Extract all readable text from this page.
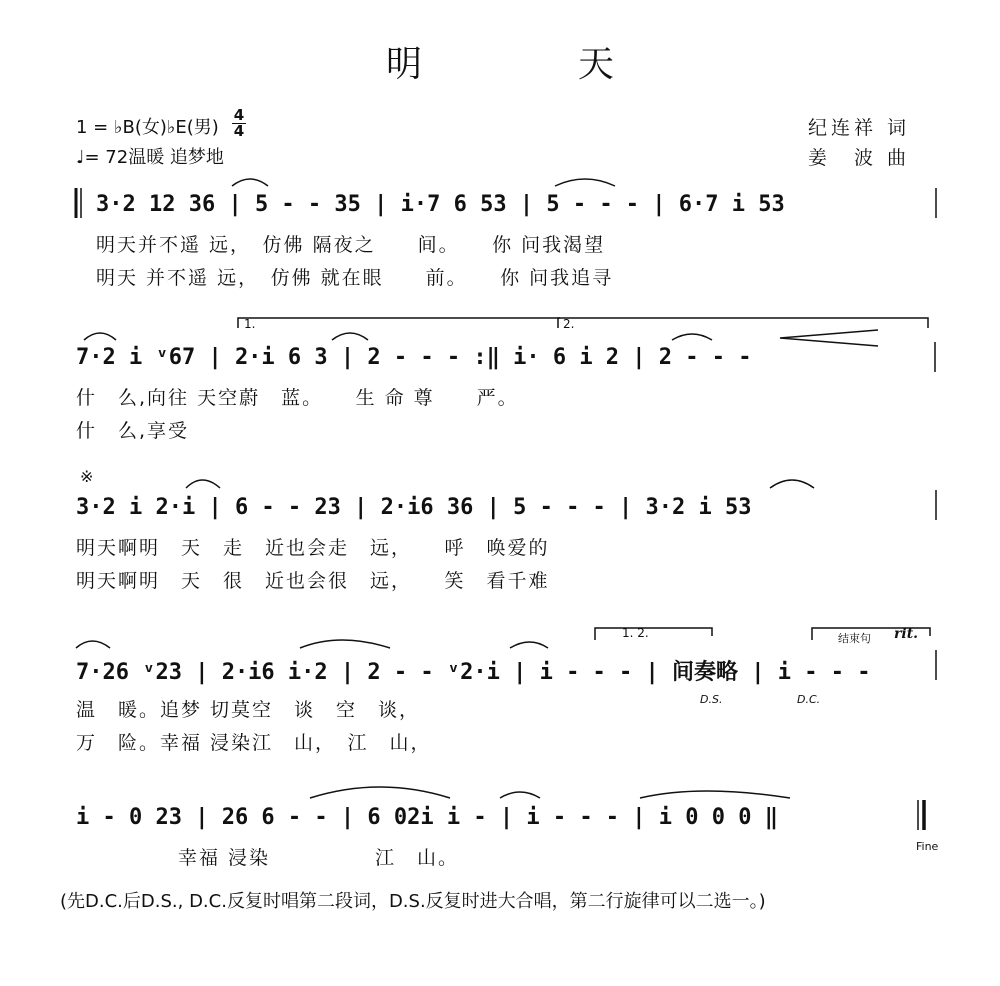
明　天
1 = ♭B(女)♭E(男)
4
4
♩= 72温暖 追梦地
纪连祥 词
姜　波 曲
3·2 12 36 | 5 - - 35 | i·7 6 53 | 5 - - - | 6·7 i 53
明天并不遥 远，　仿佛 隔夜之　　间。　　你 问我渴望
明天 并不遥 远，　仿佛 就在眼　　前。　　你 问我追寻
1.	2.
7·2 i ᵛ67 | 2·i 6 3 | 2 - - - :‖ i· 6 i 2 | 2 - - -
什　么,向往 天空蔚　蓝。　　生 命 尊　　严。
什　么,享受
※
3·2 i 2·i | 6 - - 23 | 2·i6 36 | 5 - - - | 3·2 i 53
明天啊明　天　走　近也会走　远，　　呼　唤爱的
明天啊明　天　很　近也会很　远，　　笑　看千难
1. 2.	结束句 rit.
7·26 ᵛ23 | 2·i6 i·2 | 2 - - ᵛ2·i | i - - - | 间奏略 | i - - -
D.S.	D.C.
温　暖。追梦 切莫空　谈　空　谈，
万　险。幸福 浸染江　山，　江　山，
i - 0 23 | 26 6 - - | 6 02i i - | i - - - | i 0 0 0 ‖
Fine
幸福 浸染　　　　　江　山。
(先D.C.后D.S., D.C.反复时唱第二段词，D.S.反复时进大合唱，第二行旋律可以二选一。)
